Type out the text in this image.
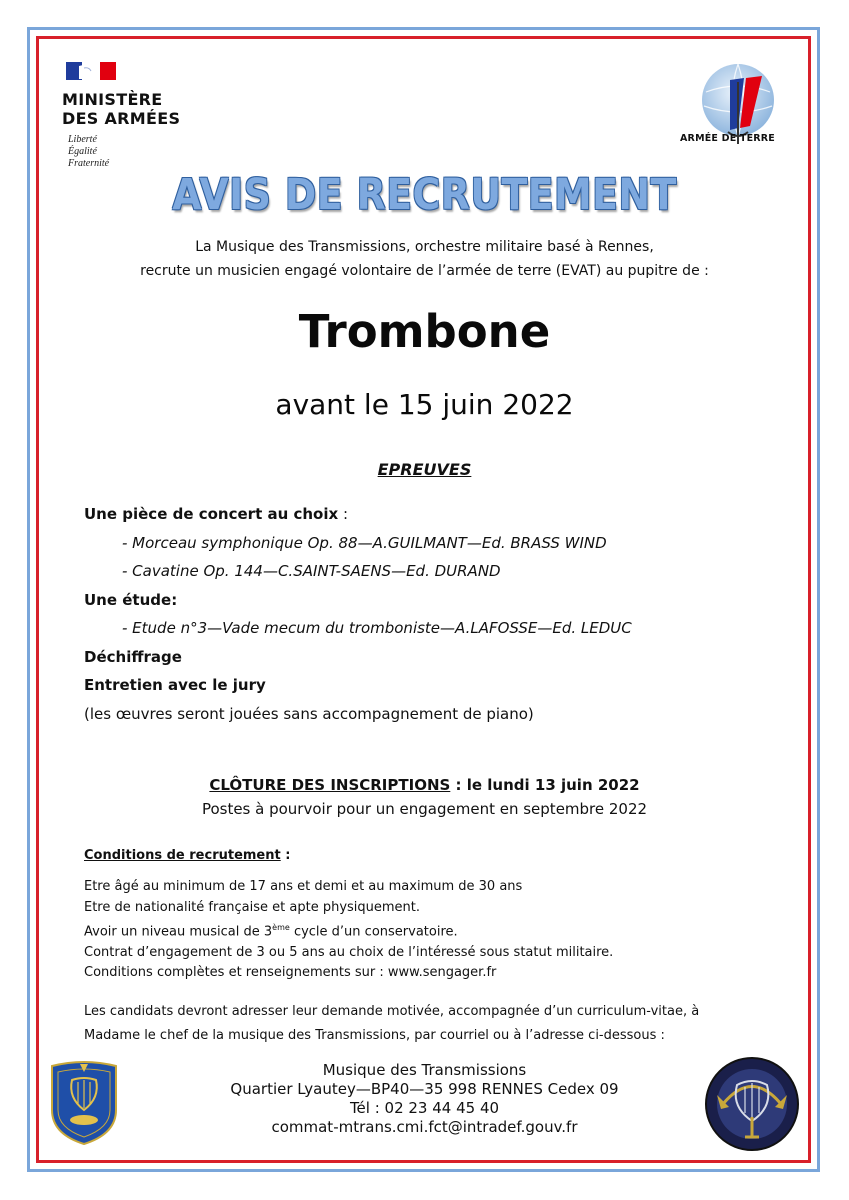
MINISTÈRE
DES ARMÉES
Liberté
Égalité
Fraternité
ARMÉE DE TERRE
AVIS DE RECRUTEMENT
La Musique des Transmissions, orchestre militaire basé à Rennes,
recrute un musicien engagé volontaire de l’armée de terre (EVAT) au pupitre de :
Trombone
avant le 15 juin 2022
EPREUVES
Une pièce de concert au choix :
- Morceau symphonique Op. 88—A.GUILMANT—Ed. BRASS WIND
- Cavatine Op. 144—C.SAINT-SAENS—Ed. DURAND
Une étude:
- Etude n°3—Vade mecum du tromboniste—A.LAFOSSE—Ed. LEDUC
Déchiffrage
Entretien avec le jury
(les œuvres seront jouées sans accompagnement de piano)
CLÔTURE DES INSCRIPTIONS : le lundi 13 juin 2022
Postes à pourvoir pour un engagement en septembre 2022
Conditions de recrutement :
Etre âgé au minimum de 17 ans et demi et au maximum de 30 ans
Etre de nationalité française et apte physiquement.
Avoir un niveau musical de 3ème cycle d’un conservatoire.
Contrat d’engagement de 3 ou 5 ans au choix de l’intéressé sous statut militaire.
Conditions complètes et renseignements sur : www.sengager.fr
Les candidats devront adresser leur demande motivée, accompagnée d’un curriculum-vitae, à
Madame le chef de la musique des Transmissions, par courriel ou à l’adresse ci-dessous :
Musique des Transmissions
Quartier Lyautey—BP40—35 998 RENNES Cedex 09
Tél : 02 23 44 45 40
commat-mtrans.cmi.fct@intradef.gouv.fr
